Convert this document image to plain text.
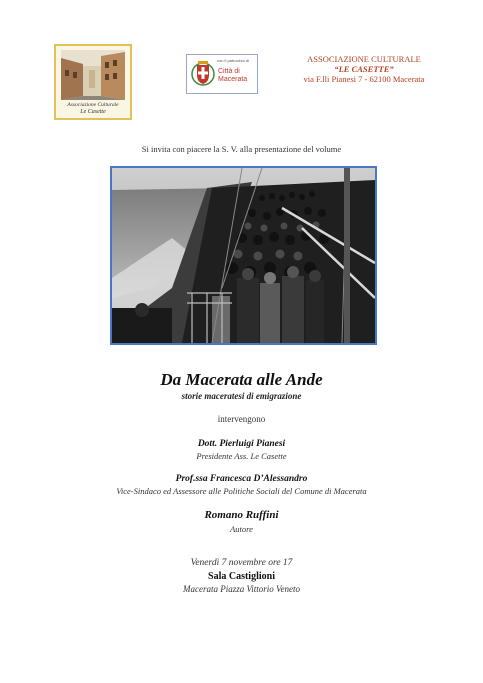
Associazione Culturale
Le Casette
con il patrocinio di
Città di Macerata
ASSOCIAZIONE CULTURALE
“LE CASETTE”
via F.lli Pianesi 7 - 62100 Macerata
Si invita con piacere la S. V. alla presentazione del volume
Da Macerata alle Ande
storie maceratesi di emigrazione
intervengono
Dott. Pierluigi Pianesi
Presidente Ass. Le Casette
Prof.ssa Francesca D’Alessandro
Vice-Sindaco ed Assessore alle Politiche Sociali del Comune di Macerata
Romano Ruffini
Autore
Venerdì 7 novembre ore 17
Sala Castiglioni
Macerata Piazza Vittorio Veneto
